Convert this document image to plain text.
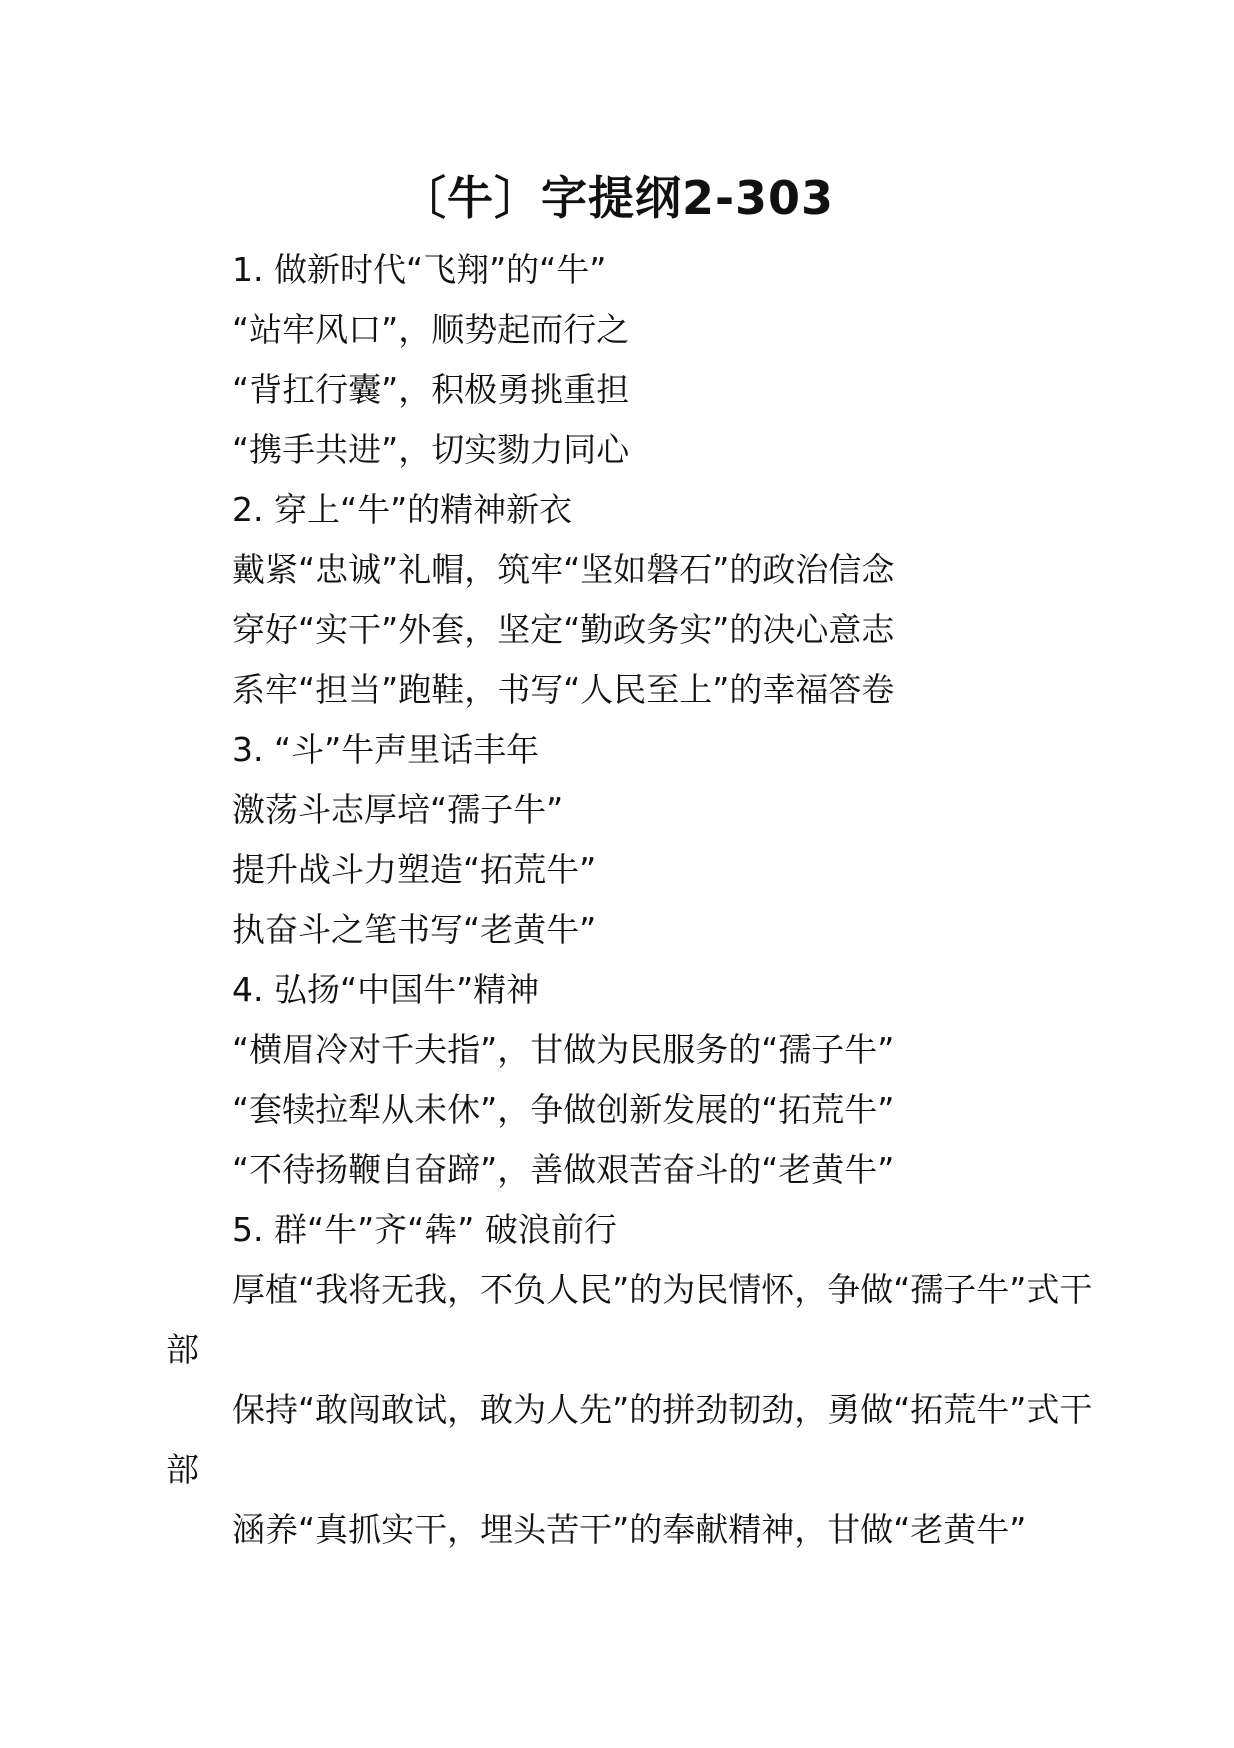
〔牛〕字提纲2-303
1. 做新时代“飞翔”的“牛”
“站牢风口”，顺势起而行之
“背扛行囊”，积极勇挑重担
“携手共进”，切实勠力同心
2. 穿上“牛”的精神新衣
戴紧“忠诚”礼帽，筑牢“坚如磐石”的政治信念
穿好“实干”外套，坚定“勤政务实”的决心意志
系牢“担当”跑鞋，书写“人民至上”的幸福答卷
3. “斗”牛声里话丰年
激荡斗志厚培“孺子牛”
提升战斗力塑造“拓荒牛”
执奋斗之笔书写“老黄牛”
4. 弘扬“中国牛”精神
“横眉冷对千夫指”，甘做为民服务的“孺子牛”
“套犊拉犁从未休”，争做创新发展的“拓荒牛”
“不待扬鞭自奋蹄”，善做艰苦奋斗的“老黄牛”
5. 群“牛”齐“犇” 破浪前行
厚植“我将无我，不负人民”的为民情怀，争做“孺子牛”式干部
保持“敢闯敢试，敢为人先”的拼劲韧劲，勇做“拓荒牛”式干部
涵养“真抓实干，埋头苦干”的奉献精神，甘做“老黄牛”
